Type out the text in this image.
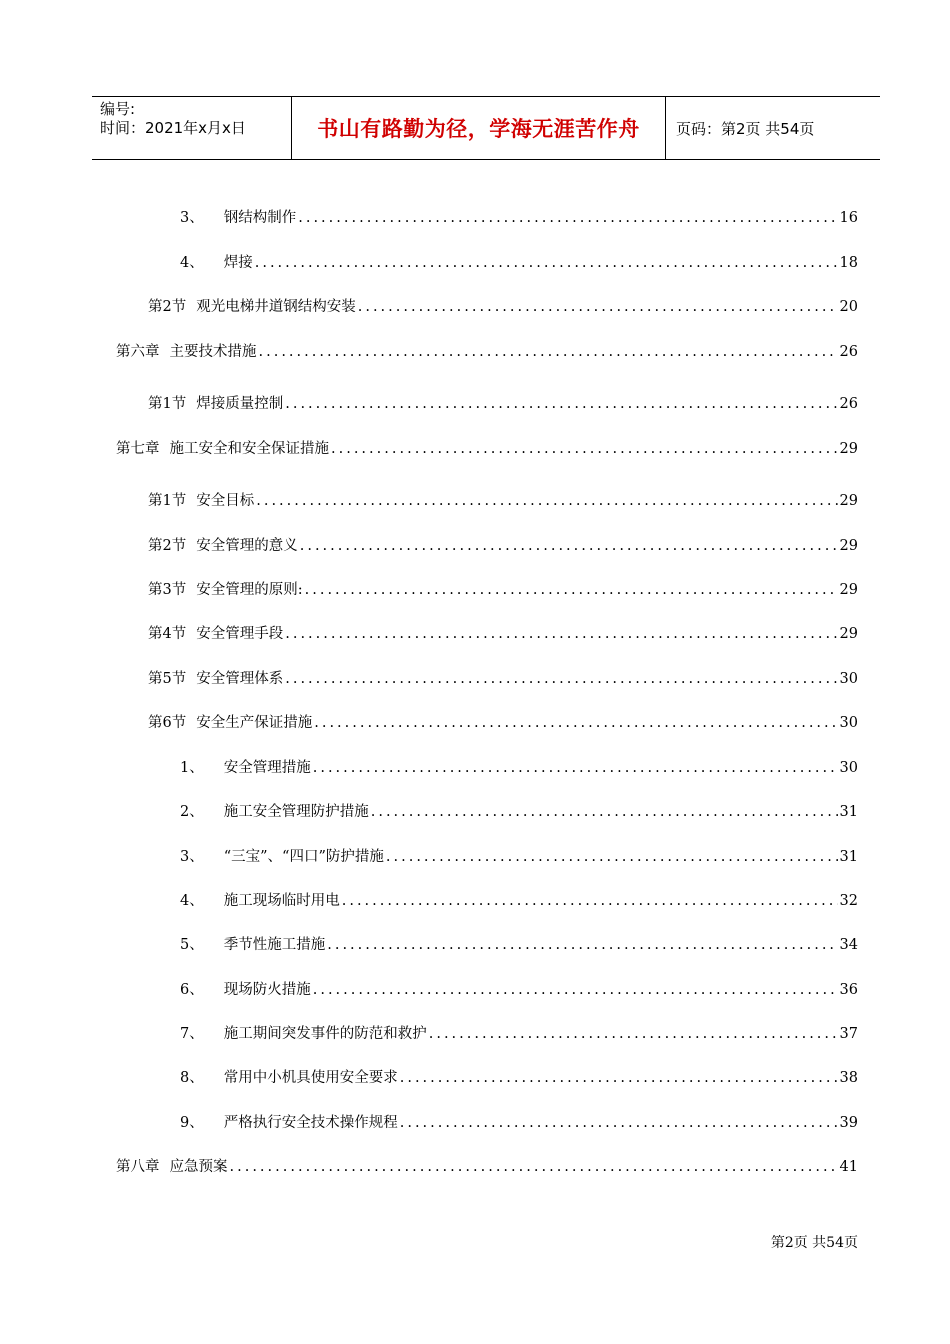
编号:
时间：2021年x月x日	书山有路勤为径，学海无涯苦作舟	页码：第2页 共54页
3、 钢结构制作 .....	16
4、 焊接 .....	18
第2节 观光电梯井道钢结构安装 .....	20
第六章 主要技术措施 .....	26
第1节 焊接质量控制 .....	26
第七章 施工安全和安全保证措施 .....	29
第1节 安全目标 .....	29
第2节 安全管理的意义 .....	29
第3节 安全管理的原则: .....	29
第4节 安全管理手段 .....	29
第5节 安全管理体系 .....	30
第6节 安全生产保证措施 .....	30
1、 安全管理措施 .....	30
2、 施工安全管理防护措施 .....	31
3、 “三宝”、“四口”防护措施 .....	31
4、 施工现场临时用电 .....	32
5、 季节性施工措施 .....	34
6、 现场防火措施 .....	36
7、 施工期间突发事件的防范和救护 .....	37
8、 常用中小机具使用安全要求 .....	38
9、 严格执行安全技术操作规程 .....	39
第八章 应急预案 .....	41
第2页 共54页
